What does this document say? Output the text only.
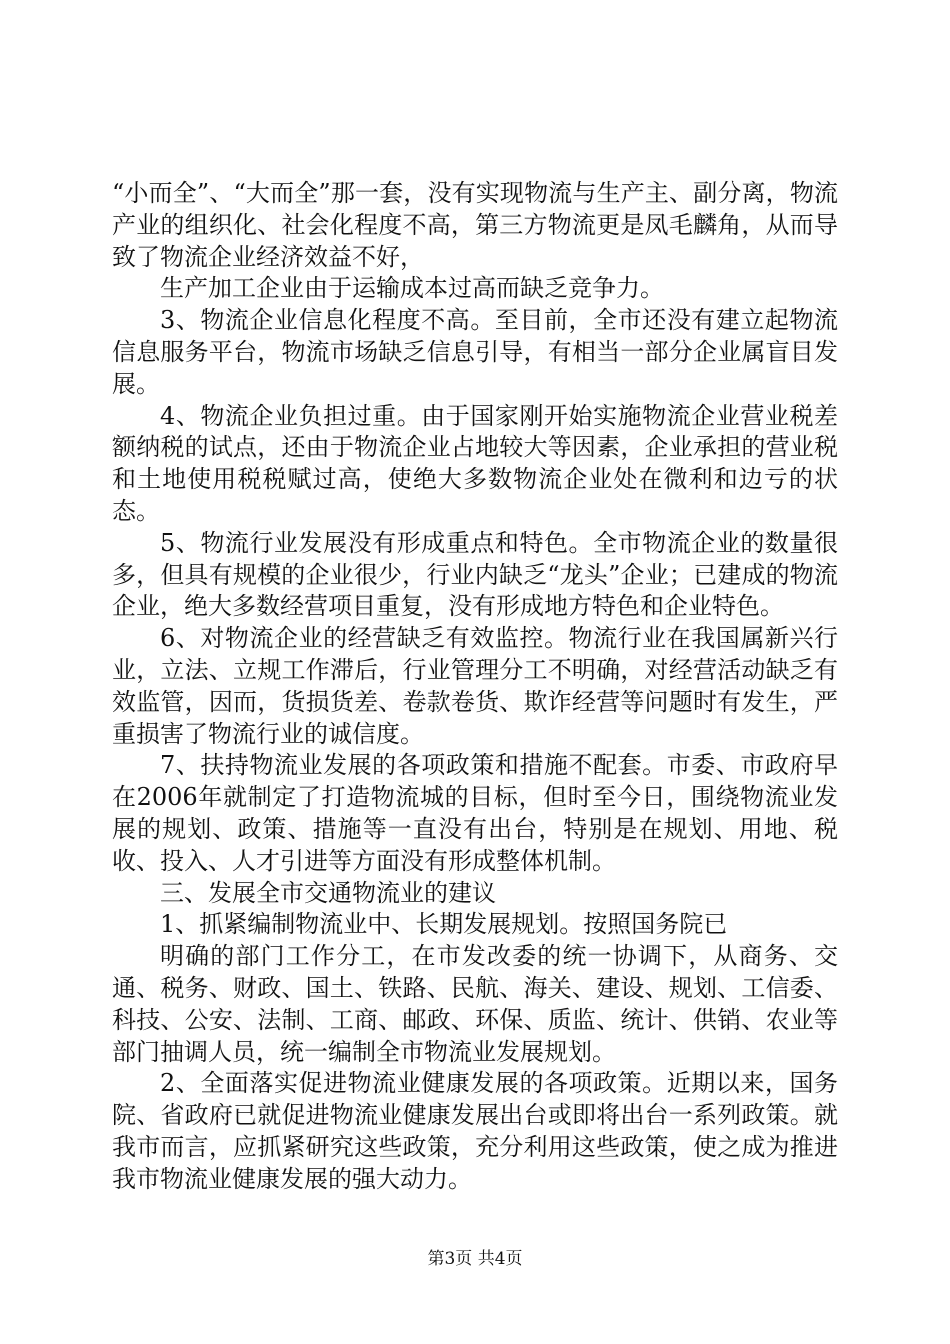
“小而全”、“大而全”那一套，没有实现物流与生产主、副分离，物流产业的组织化、社会化程度不高，第三方物流更是凤毛麟角，从而导致了物流企业经济效益不好，

生产加工企业由于运输成本过高而缺乏竞争力。

3、物流企业信息化程度不高。至目前，全市还没有建立起物流信息服务平台，物流市场缺乏信息引导，有相当一部分企业属盲目发展。

4、物流企业负担过重。由于国家刚开始实施物流企业营业税差额纳税的试点，还由于物流企业占地较大等因素，企业承担的营业税和土地使用税税赋过高，使绝大多数物流企业处在微利和边亏的状态。

5、物流行业发展没有形成重点和特色。全市物流企业的数量很多，但具有规模的企业很少，行业内缺乏“龙头”企业；已建成的物流企业，绝大多数经营项目重复，没有形成地方特色和企业特色。

6、对物流企业的经营缺乏有效监控。物流行业在我国属新兴行业，立法、立规工作滞后，行业管理分工不明确，对经营活动缺乏有效监管，因而，货损货差、卷款卷货、欺诈经营等问题时有发生，严重损害了物流行业的诚信度。

7、扶持物流业发展的各项政策和措施不配套。市委、市政府早在2006年就制定了打造物流城的目标，但时至今日，围绕物流业发展的规划、政策、措施等一直没有出台，特别是在规划、用地、税收、投入、人才引进等方面没有形成整体机制。

三、发展全市交通物流业的建议

1、抓紧编制物流业中、长期发展规划。按照国务院已

明确的部门工作分工，在市发改委的统一协调下，从商务、交通、税务、财政、国土、铁路、民航、海关、建设、规划、工信委、科技、公安、法制、工商、邮政、环保、质监、统计、供销、农业等部门抽调人员，统一编制全市物流业发展规划。

2、全面落实促进物流业健康发展的各项政策。近期以来，国务院、省政府已就促进物流业健康发展出台或即将出台一系列政策。就我市而言，应抓紧研究这些政策，充分利用这些政策，使之成为推进我市物流业健康发展的强大动力。

第3页 共4页
